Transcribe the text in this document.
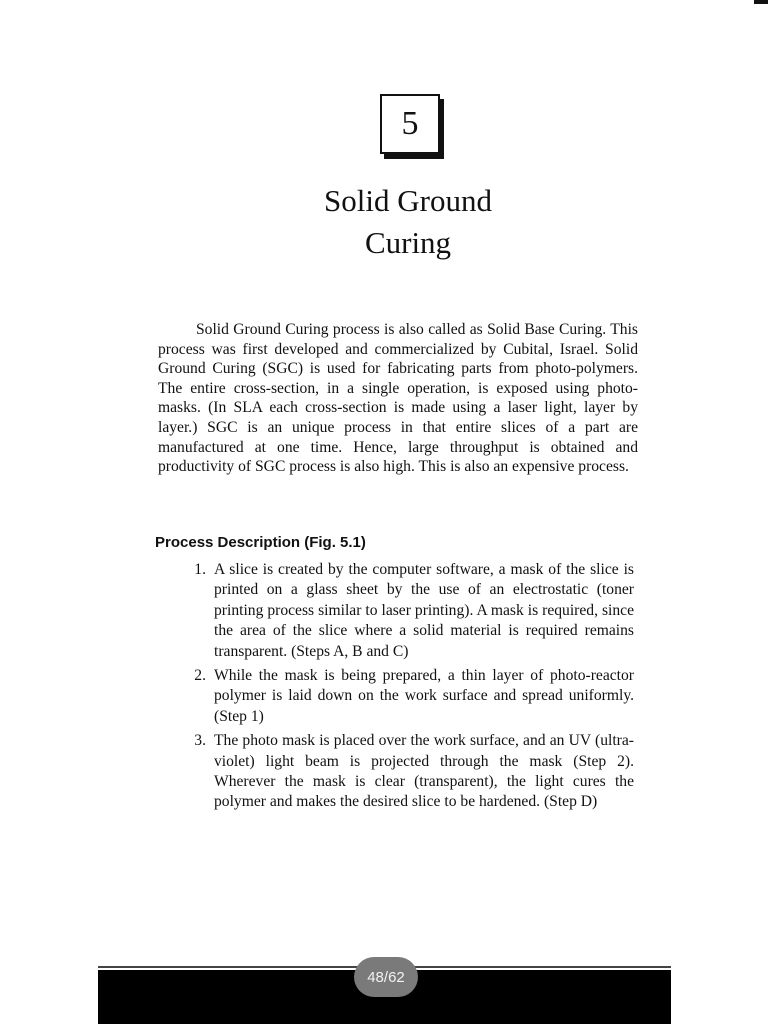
5
Solid Ground
Curing

Solid Ground Curing process is also called as Solid Base Curing. This process was first developed and commercialized by Cubital, Israel. Solid Ground Curing (SGC) is used for fabricating parts from photo-polymers. The entire cross-section, in a single operation, is exposed using photo-masks. (In SLA each cross-section is made using a laser light, layer by layer.) SGC is an unique process in that entire slices of a part are manufactured at one time. Hence, large throughput is obtained and productivity of SGC process is also high. This is also an expensive process.

Process Description (Fig. 5.1)
1. A slice is created by the computer software, a mask of the slice is printed on a glass sheet by the use of an electrostatic (toner printing process similar to laser printing). A mask is required, since the area of the slice where a solid material is required remains transparent. (Steps A, B and C)
2. While the mask is being prepared, a thin layer of photo-reactor polymer is laid down on the work surface and spread uniformly. (Step 1)
3. The photo mask is placed over the work surface, and an UV (ultra-violet) light beam is projected through the mask (Step 2). Wherever the mask is clear (transparent), the light cures the polymer and makes the desired slice to be hardened. (Step D)
48/62
